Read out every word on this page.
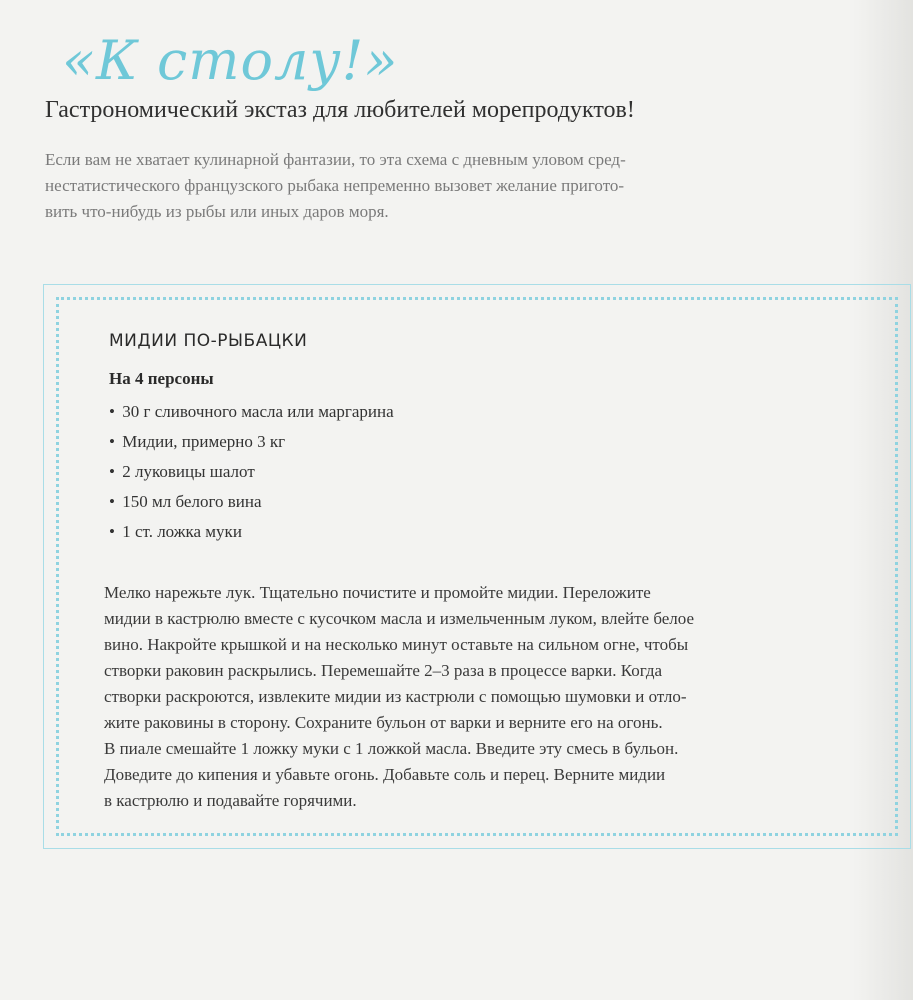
«К столу!»
Гастрономический экстаз для любителей морепродуктов!
Если вам не хватает кулинарной фантазии, то эта схема с дневным уловом сред-
нестатистического французского рыбака непременно вызовет желание пригото-
вить что-нибудь из рыбы или иных даров моря.
МИДИИ ПО-РЫБАЦКИ
На 4 персоны
• 30 г сливочного масла или маргарина
• Мидии, примерно 3 кг
• 2 луковицы шалот
• 150 мл белого вина
• 1 ст. ложка муки
Мелко нарежьте лук. Тщательно почистите и промойте мидии. Переложите
мидии в кастрюлю вместе с кусочком масла и измельченным луком, влейте белое
вино. Накройте крышкой и на несколько минут оставьте на сильном огне, чтобы
створки раковин раскрылись. Перемешайте 2–3 раза в процессе варки. Когда
створки раскроются, извлеките мидии из кастрюли с помощью шумовки и отло-
жите раковины в сторону. Сохраните бульон от варки и верните его на огонь.
В пиале смешайте 1 ложку муки с 1 ложкой масла. Введите эту смесь в бульон.
Доведите до кипения и убавьте огонь. Добавьте соль и перец. Верните мидии
в кастрюлю и подавайте горячими.
